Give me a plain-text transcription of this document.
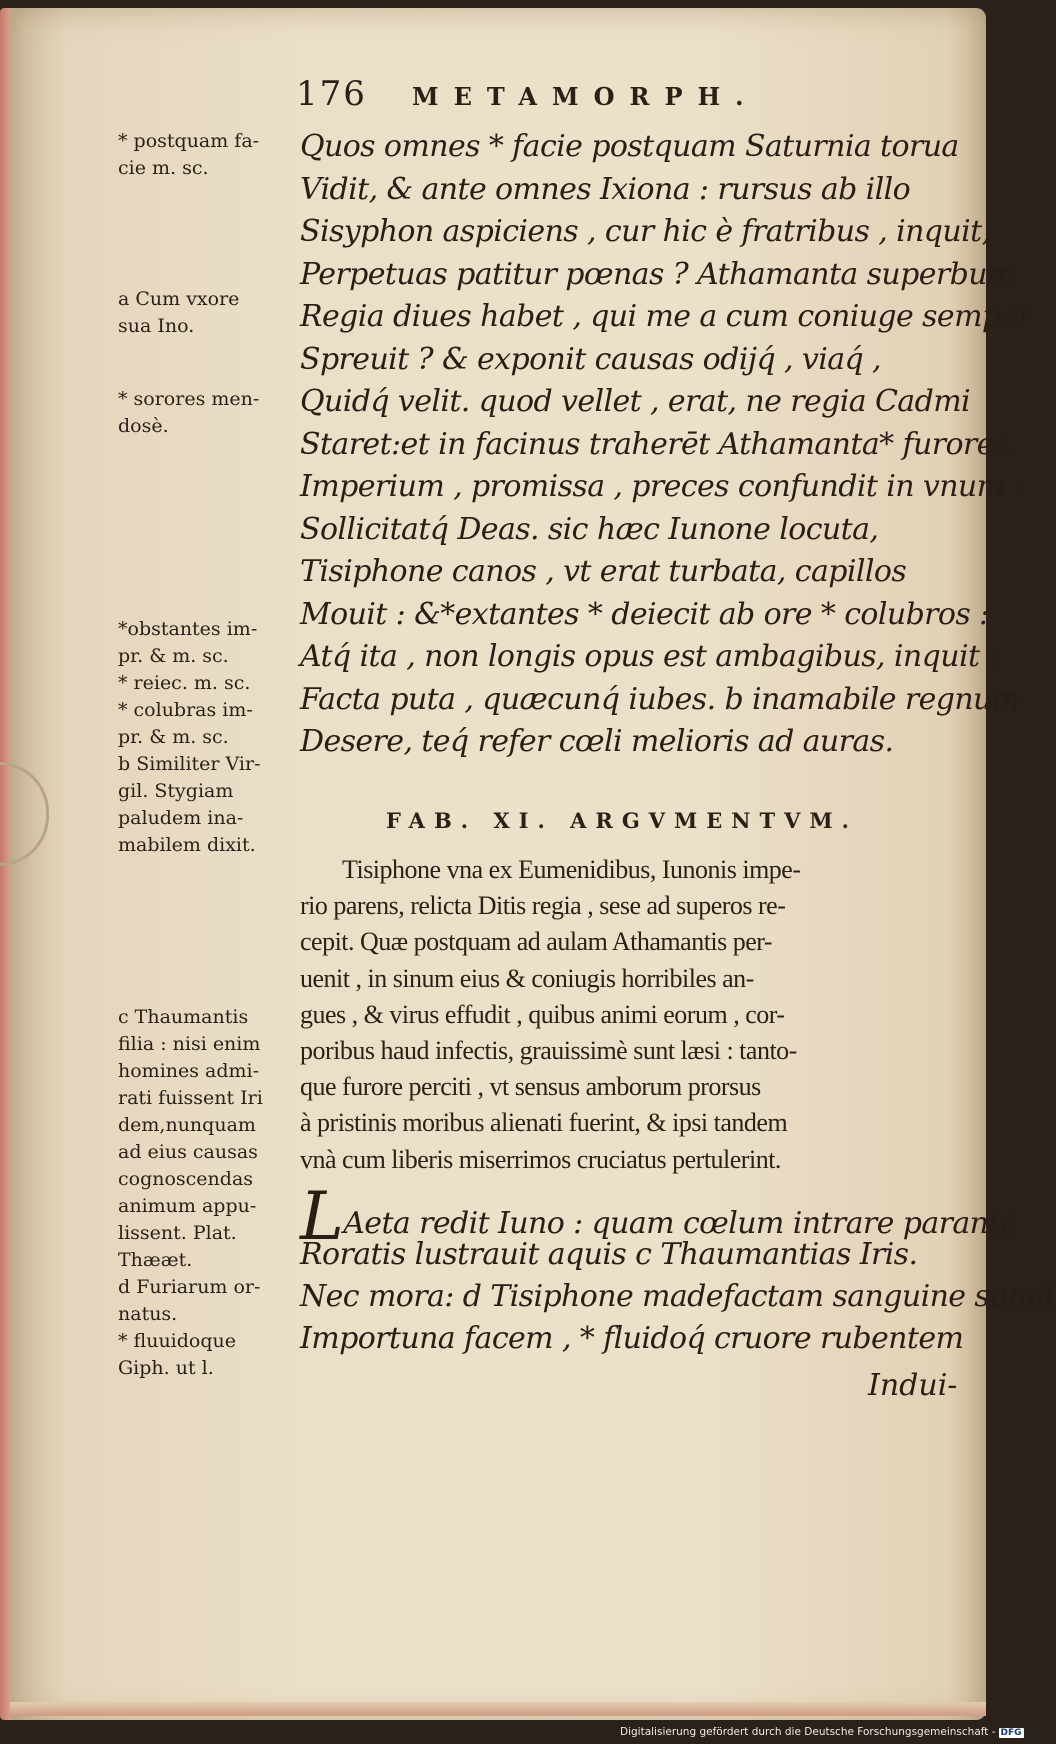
176 METAMORPH.
* postquam fa-
cie m. sc.
a Cum vxore
sua Ino.
* sorores men-
dosè.
*obstantes im-
pr. & m. sc.
* reiec. m. sc.
* colubras im-
pr. & m. sc.
b Similiter Vir-
gil. Stygiam
paludem ina-
mabilem dixit.
c Thaumantis
filia : nisi enim
homines admi-
rati fuissent Iri
dem,nunquam
ad eius causas
cognoscendas
animum appu-
lissent. Plat.
Thææt.
d Furiarum or-
natus.
* fluuidoque
Giph. ut l.
Quos omnes * facie postquam Saturnia torua
Vidit, & ante omnes Ixiona : rursus ab illo
Sisyphon aspiciens , cur hic è fratribus , inquit,
Perpetuas patitur pœnas ? Athamanta superbum
Regia diues habet , qui me a cum coniuge semper
Spreuit ? & exponit causas odijq́ , viaq́ ,
Quidq́ velit. quod vellet , erat, ne regia Cadmi
Staret:et in facinus traherēt Athamanta* furores.
Imperium , promissa , preces confundit in vnum :
Sollicitatq́ Deas. sic hæc Iunone locuta,
Tisiphone canos , vt erat turbata, capillos
Mouit : &*extantes * deiecit ab ore * colubros :
Atq́ ita , non longis opus est ambagibus, inquit :
Facta puta , quæcunq́ iubes. b inamabile regnum
Desere, teq́ refer cœli melioris ad auras.
FAB. XI. ARGVMENTVM.
Tisiphone vna ex Eumenidibus, Iunonis impe-
rio parens, relicta Ditis regia , sese ad superos re-
cepit. Quæ postquam ad aulam Athamantis per-
uenit , in sinum eius & coniugis horribiles an-
gues , & virus effudit , quibus animi eorum , cor-
poribus haud infectis, grauissimè sunt læsi : tanto-
que furore perciti , vt sensus amborum prorsus
à pristinis moribus alienati fuerint, & ipsi tandem
vnà cum liberis miserrimos cruciatus pertulerint.
LAeta redit Iuno : quam cœlum intrare parantē
Roratis lustrauit aquis c Thaumantias Iris.
Nec mora: d Tisiphone madefactam sanguine sumit
Importuna facem , * fluidoq́ cruore rubentem
Indui-
Digitalisierung gefördert durch die Deutsche Forschungsgemeinschaft - DFG
